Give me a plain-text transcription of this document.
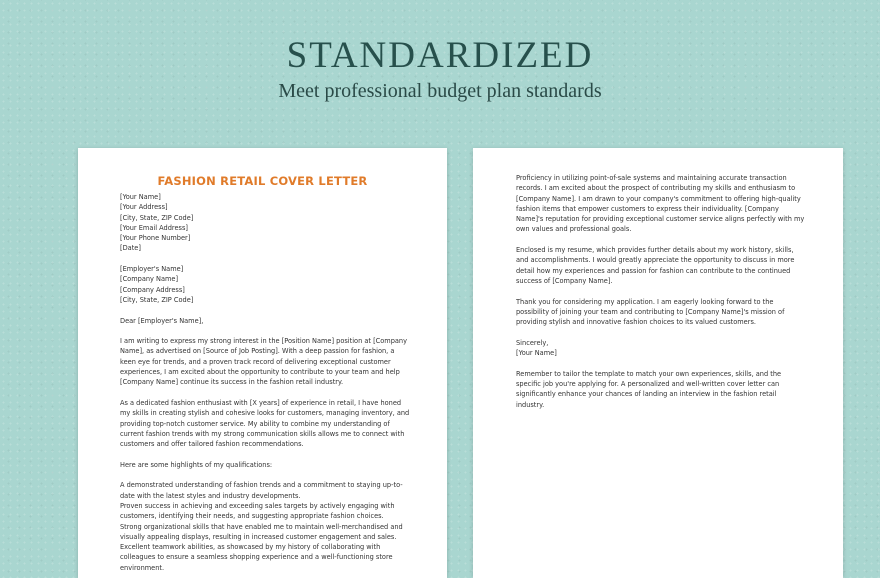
STANDARDIZED
Meet professional budget plan standards
FASHION RETAIL COVER LETTER

[Your Name]
[Your Address]
[City, State, ZIP Code]
[Your Email Address]
[Your Phone Number]
[Date]

[Employer's Name]
[Company Name]
[Company Address]
[City, State, ZIP Code]

Dear [Employer's Name],

I am writing to express my strong interest in the [Position Name] position at [Company Name], as advertised on [Source of Job Posting]. With a deep passion for fashion, a keen eye for trends, and a proven track record of delivering exceptional customer experiences, I am excited about the opportunity to contribute to your team and help [Company Name] continue its success in the fashion retail industry.

As a dedicated fashion enthusiast with [X years] of experience in retail, I have honed my skills in creating stylish and cohesive looks for customers, managing inventory, and providing top-notch customer service. My ability to combine my understanding of current fashion trends with my strong communication skills allows me to connect with customers and offer tailored fashion recommendations.

Here are some highlights of my qualifications:

A demonstrated understanding of fashion trends and a commitment to staying up-to-date with the latest styles and industry developments.
Proven success in achieving and exceeding sales targets by actively engaging with customers, identifying their needs, and suggesting appropriate fashion choices.
Strong organizational skills that have enabled me to maintain well-merchandised and visually appealing displays, resulting in increased customer engagement and sales.
Excellent teamwork abilities, as showcased by my history of collaborating with colleagues to ensure a seamless shopping experience and a well-functioning store environment.

Proficiency in utilizing point-of-sale systems and maintaining accurate transaction records. I am excited about the prospect of contributing my skills and enthusiasm to [Company Name]. I am drawn to your company's commitment to offering high-quality fashion items that empower customers to express their individuality. [Company Name]'s reputation for providing exceptional customer service aligns perfectly with my own values and professional goals.

Enclosed is my resume, which provides further details about my work history, skills, and accomplishments. I would greatly appreciate the opportunity to discuss in more detail how my experiences and passion for fashion can contribute to the continued success of [Company Name].

Thank you for considering my application. I am eagerly looking forward to the possibility of joining your team and contributing to [Company Name]'s mission of providing stylish and innovative fashion choices to its valued customers.

Sincerely,
[Your Name]

Remember to tailor the template to match your own experiences, skills, and the specific job you're applying for. A personalized and well-written cover letter can significantly enhance your chances of landing an interview in the fashion retail industry.
